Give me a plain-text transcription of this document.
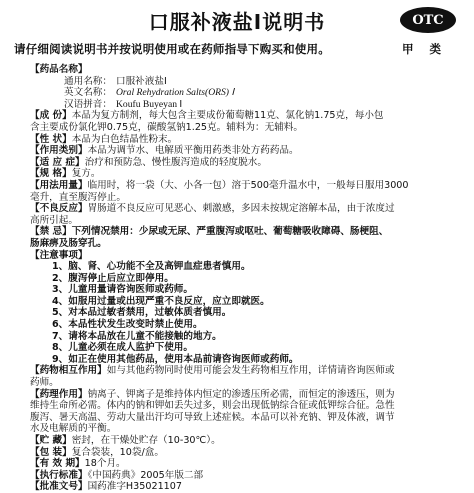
口服补液盐Ⅰ说明书	OTC
请仔细阅读说明书并按说明使用或在药师指导下购买和使用。	甲 类
【药品名称】
通用名称： 口服补液盐Ⅰ
英文名称： Oral Rehydration Salts(ORS) Ⅰ
汉语拼音： Koufu Buyeyan Ⅰ
【成 份】本品为复方制剂，每大包含主要成份葡萄糖11克、氯化钠1.75克，每小包
含主要成份氯化钾0.75克，碳酸氢钠1.25克。辅料为：无辅料。
【性 状】本品为白色结晶性粉末。
【作用类别】本品为调节水、电解质平衡用药类非处方药药品。
【适 应 症】治疗和预防急、慢性腹泻造成的轻度脱水。
【规 格】复方。
【用法用量】临用时，将一袋（大、小各一包）溶于500毫升温水中，一般每日服用3000
毫升，直至腹泻停止。
【不良反应】胃肠道不良反应可见恶心、刺激感，多因未按规定溶解本品，由于浓度过
高所引起。
【禁 忌】下列情况禁用：少尿或无尿、严重腹泻或呕吐、葡萄糖吸收障碍、肠梗阻、
肠麻痹及肠穿孔。
【注意事项】
1、脑、肾、心功能不全及高钾血症患者慎用。
2、腹泻停止后应立即停用。
3、儿童用量请咨询医师或药师。
4、如服用过量或出现严重不良反应，应立即就医。
5、对本品过敏者禁用，过敏体质者慎用。
6、本品性状发生改变时禁止使用。
7、请将本品放在儿童不能接触的地方。
8、儿童必须在成人监护下使用。
9、如正在使用其他药品，使用本品前请咨询医师或药师。
【药物相互作用】如与其他药物同时使用可能会发生药物相互作用，详情请咨询医师或
药师。
【药理作用】钠离子、钾离子是维持体内恒定的渗透压所必需，而恒定的渗透压，则为
维持生命所必需。体内的钠和钾如丢失过多，则会出现低钠综合征或低钾综合征。急性
腹泻、暑天高温、劳动大量出汗均可导致上述症候。本品可以补充钠、钾及体液，调节
水及电解质的平衡。
【贮 藏】密封，在干燥处贮存（10-30℃）。
【包 装】复合袋装，10袋/盒。
【有 效 期】18个月。
【执行标准】《中国药典》2005年版二部
【批准文号】国药准字H35021107
